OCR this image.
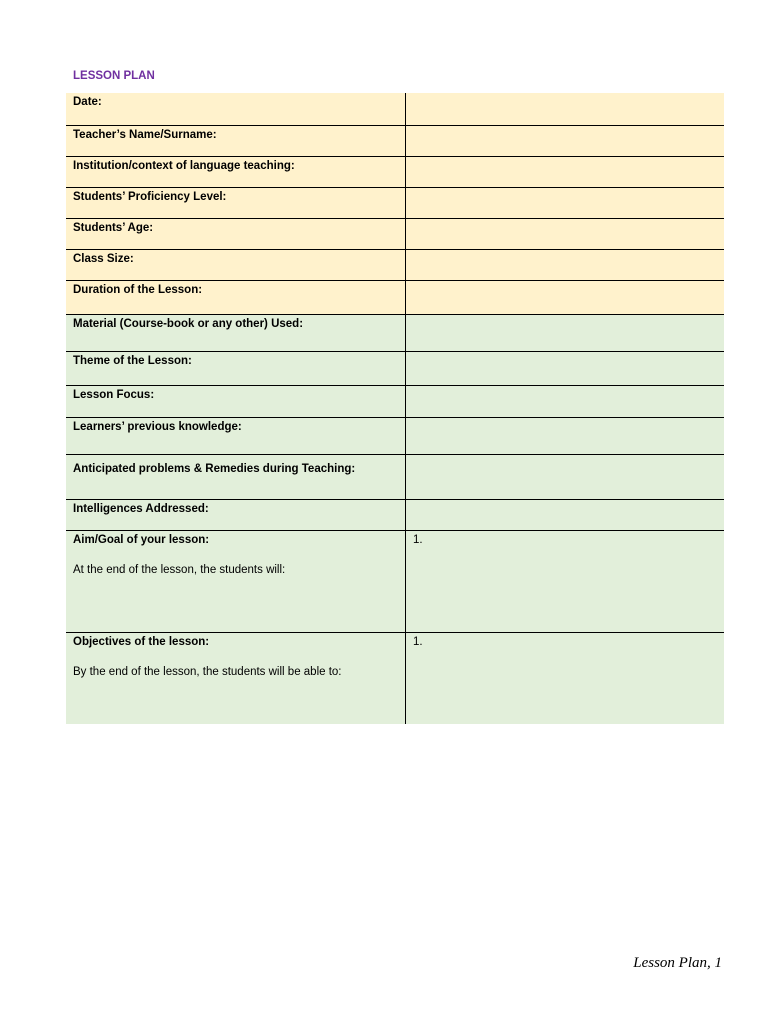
LESSON PLAN
Date:	
Teacher’s Name/Surname:	
Institution/context of language teaching:	
Students’ Proficiency Level:	
Students’ Age:	
Class Size:	
Duration of the Lesson:	
Material (Course-book or any other) Used:	
Theme of the Lesson:	
Lesson Focus:	
Learners’ previous knowledge:	
Anticipated problems & Remedies during Teaching:	
Intelligences Addressed:	
Aim/Goal of your lesson:
At the end of the lesson, the students will:	1.
Objectives of the lesson:
By the end of the lesson, the students will be able to:	1.
Lesson Plan, 1
